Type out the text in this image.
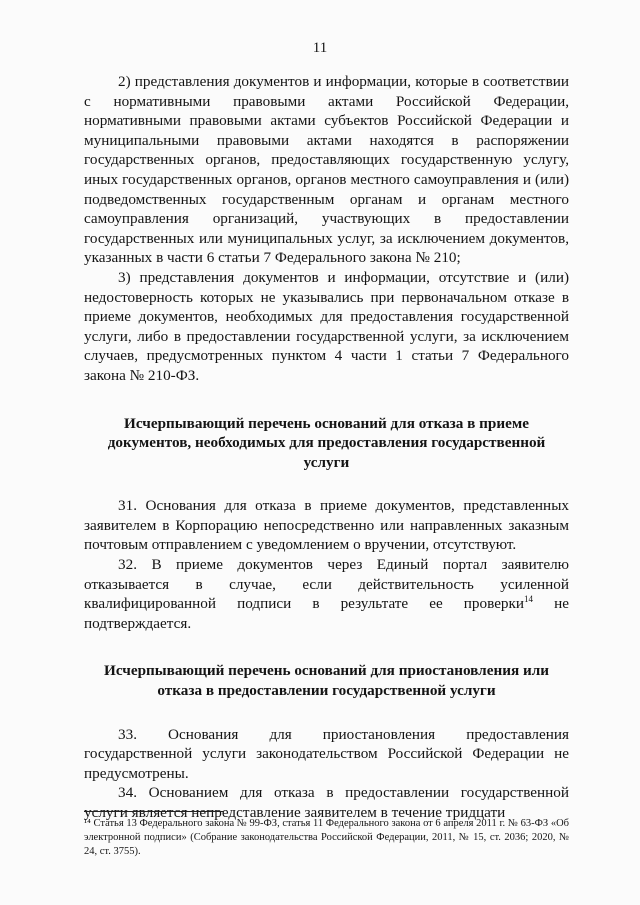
11

2) представления документов и информации, которые в соответствии с нормативными правовыми актами Российской Федерации, нормативными правовыми актами субъектов Российской Федерации и муниципальными правовыми актами находятся в распоряжении государственных органов, предоставляющих государственную услугу, иных государственных органов, органов местного самоуправления и (или) подведомственных государственным органам и органам местного самоуправления организаций, участвующих в предоставлении государственных или муниципальных услуг, за исключением документов, указанных в части 6 статьи 7 Федерального закона № 210;

3) представления документов и информации, отсутствие и (или) недостоверность которых не указывались при первоначальном отказе в приеме документов, необходимых для предоставления государственной услуги, либо в предоставлении государственной услуги, за исключением случаев, предусмотренных пунктом 4 части 1 статьи 7 Федерального закона № 210-ФЗ.

Исчерпывающий перечень оснований для отказа в приеме документов, необходимых для предоставления государственной услуги

31. Основания для отказа в приеме документов, представленных заявителем в Корпорацию непосредственно или направленных заказным почтовым отправлением с уведомлением о вручении, отсутствуют.

32. В приеме документов через Единый портал заявителю отказывается в случае, если действительность усиленной квалифицированной подписи в результате ее проверки$^{14}$ не подтверждается.

Исчерпывающий перечень оснований для приостановления или отказа в предоставлении государственной услуги

33. Основания для приостановления предоставления государственной услуги законодательством Российской Федерации не предусмотрены.

34. Основанием для отказа в предоставлении государственной услуги является непредставление заявителем в течение тридцати

¹⁴ Статья 13 Федерального закона № 99-ФЗ, статья 11 Федерального закона от 6 апреля 2011 г. № 63-ФЗ «Об электронной подписи» (Собрание законодательства Российской Федерации, 2011, № 15, ст. 2036; 2020, № 24, ст. 3755).
